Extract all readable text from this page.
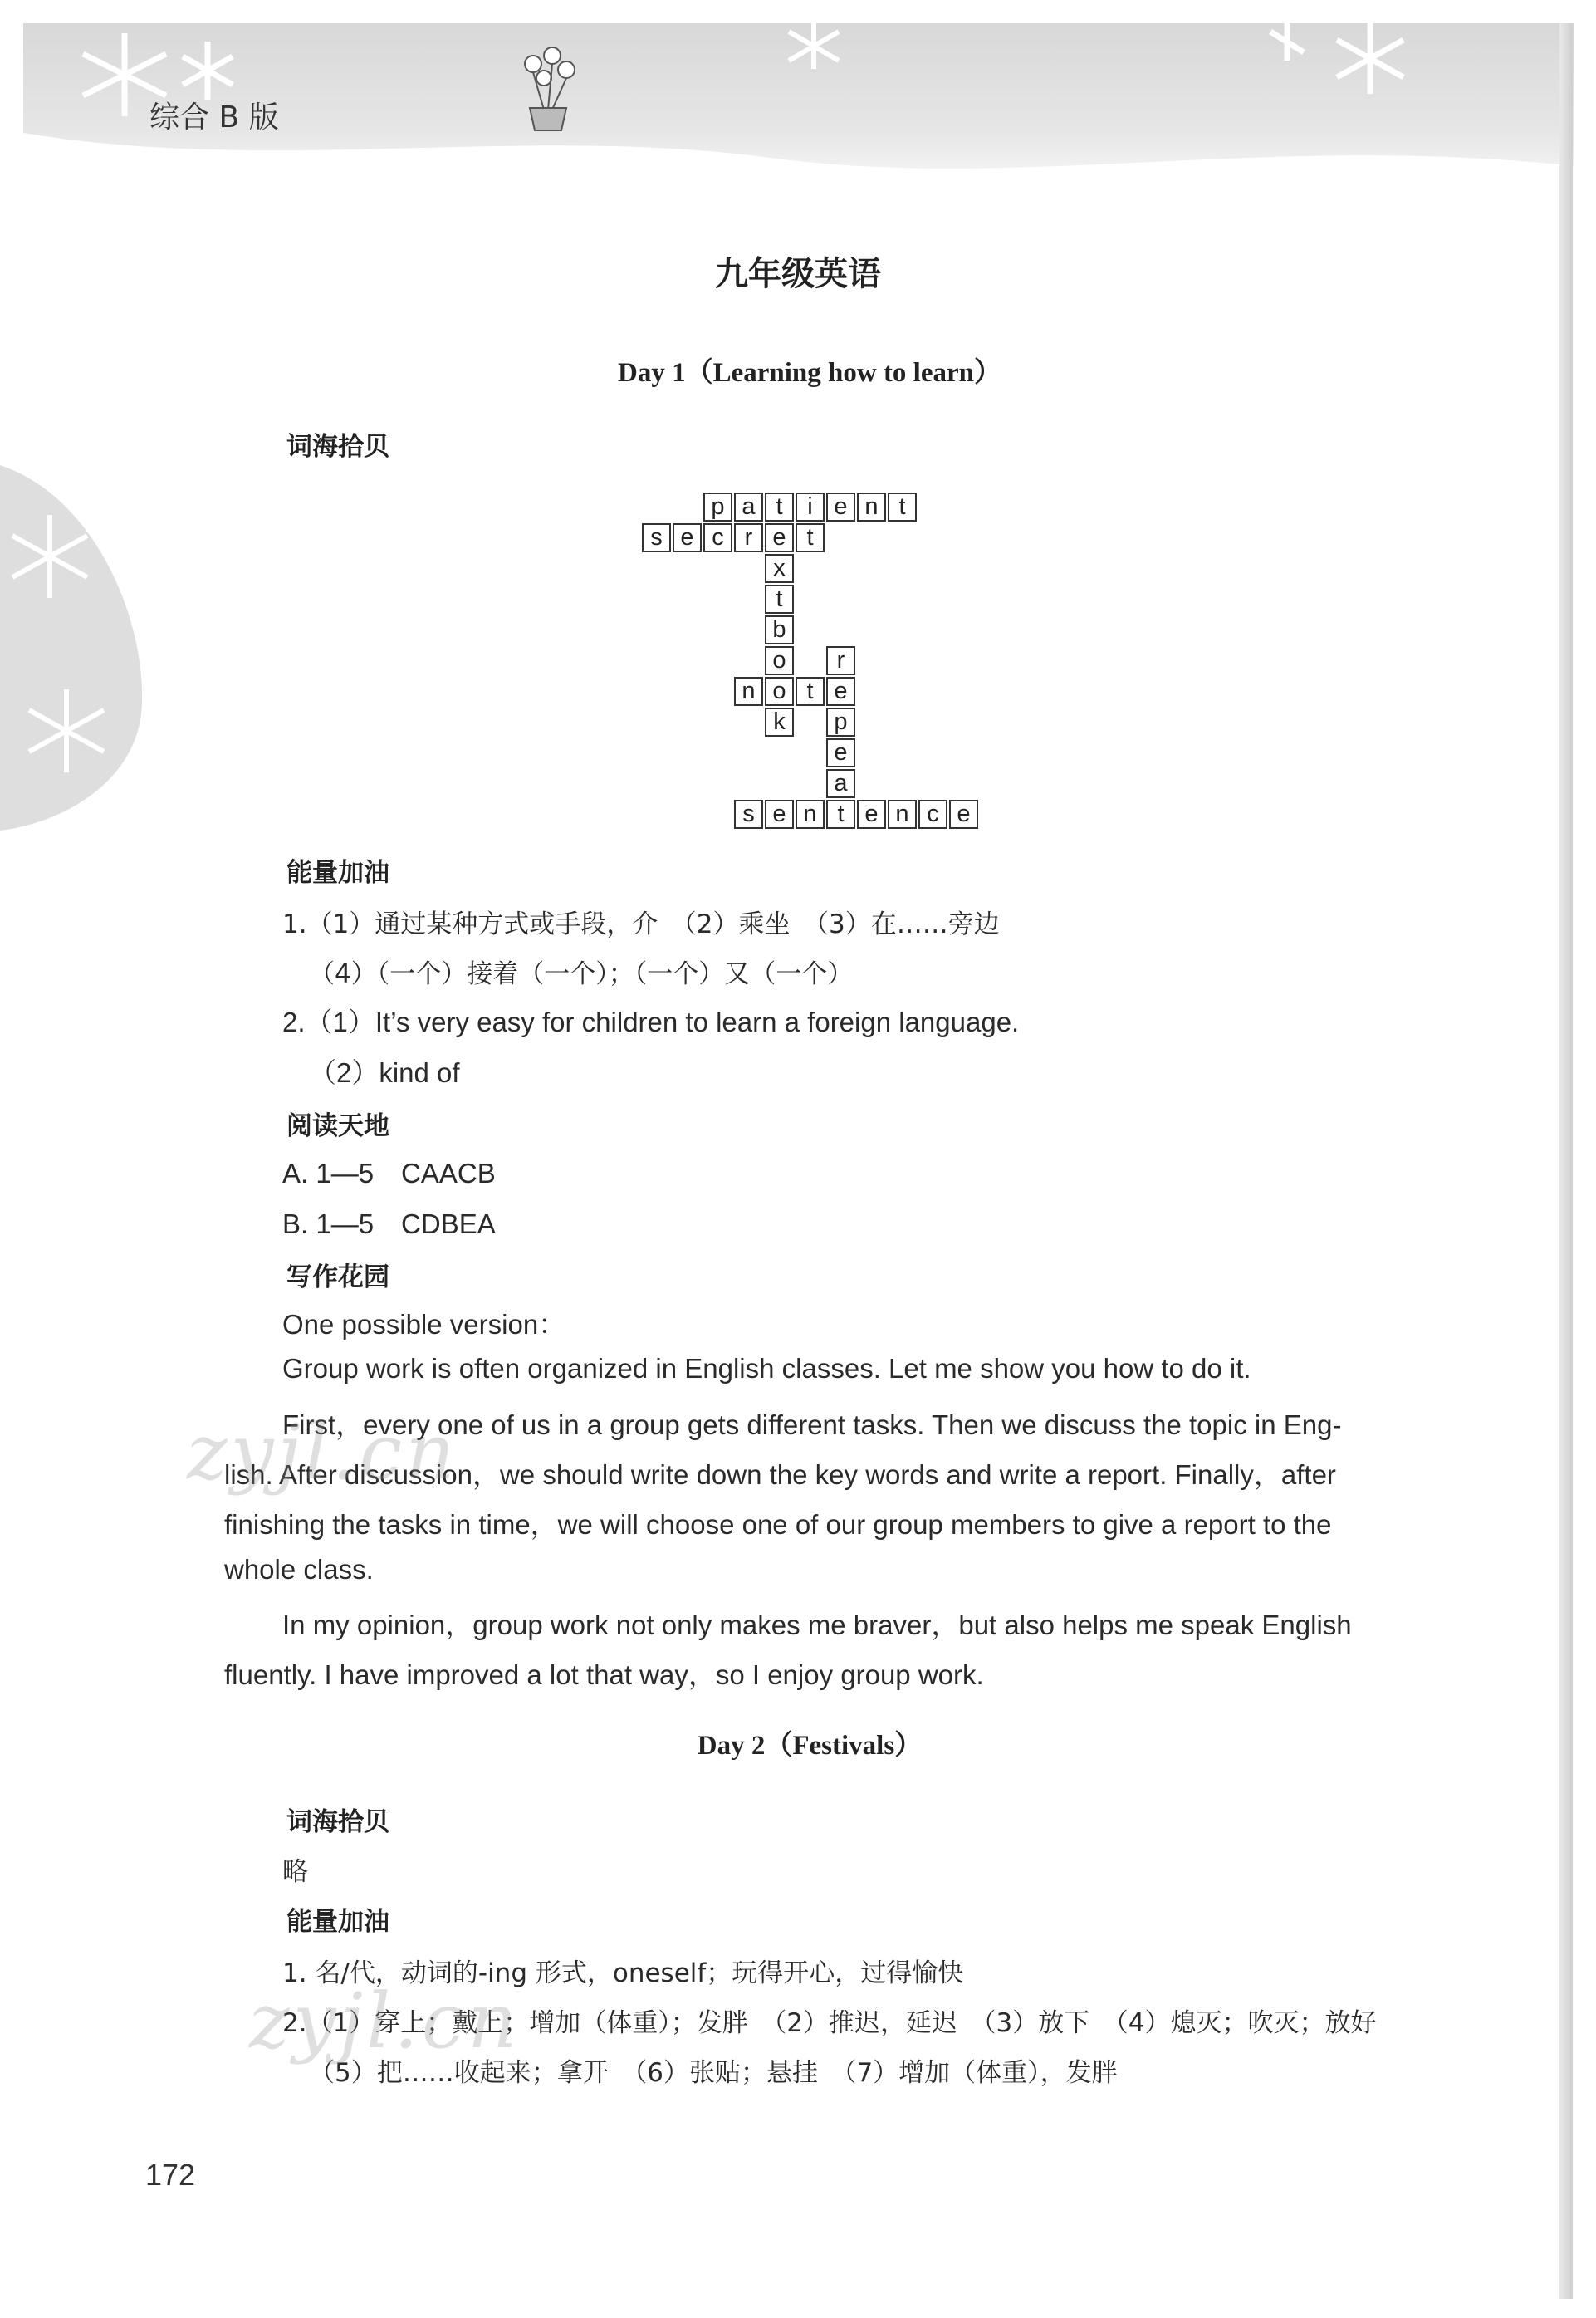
综合 B 版
九年级英语
Day 1（Learning how to learn）
词海拾贝
p a t	i e n t
s e c r e t
x
t
b
o	r
n o t e
k	p
e
a
s e n t e n c e
能量加油
1.（1）通过某种方式或手段，介　（2）乘坐　（3）在……旁边
（4）（一个）接着（一个）；（一个）又（一个）
2.（1）It’s very easy for children to learn a foreign language.
（2）kind of
阅读天地
A. 1—5　CAACB
B. 1—5　CDBEA
写作花园
One possible version：
Group work is often organized in English classes. Let me show you how to do it.
First，every one of us in a group gets different tasks. Then we discuss the topic in Eng-
lish. After discussion，we should write down the key words and write a report. Finally，after
finishing the tasks in time，we will choose one of our group members to give a report to the
whole class.
In my opinion，group work not only makes me braver，but also helps me speak English
fluently. I have improved a lot that way，so I enjoy group work.
Day 2（Festivals）
词海拾贝
略
能量加油
1. 名/代，动词的-ing 形式，oneself；玩得开心，过得愉快
2.（1）穿上；戴上；增加（体重）；发胖　（2）推迟，延迟　（3）放下　（4）熄灭；吹灭；放好
（5）把……收起来；拿开　（6）张贴；悬挂　（7）增加（体重），发胖
172
zyjl.cn
zyjl.cn
